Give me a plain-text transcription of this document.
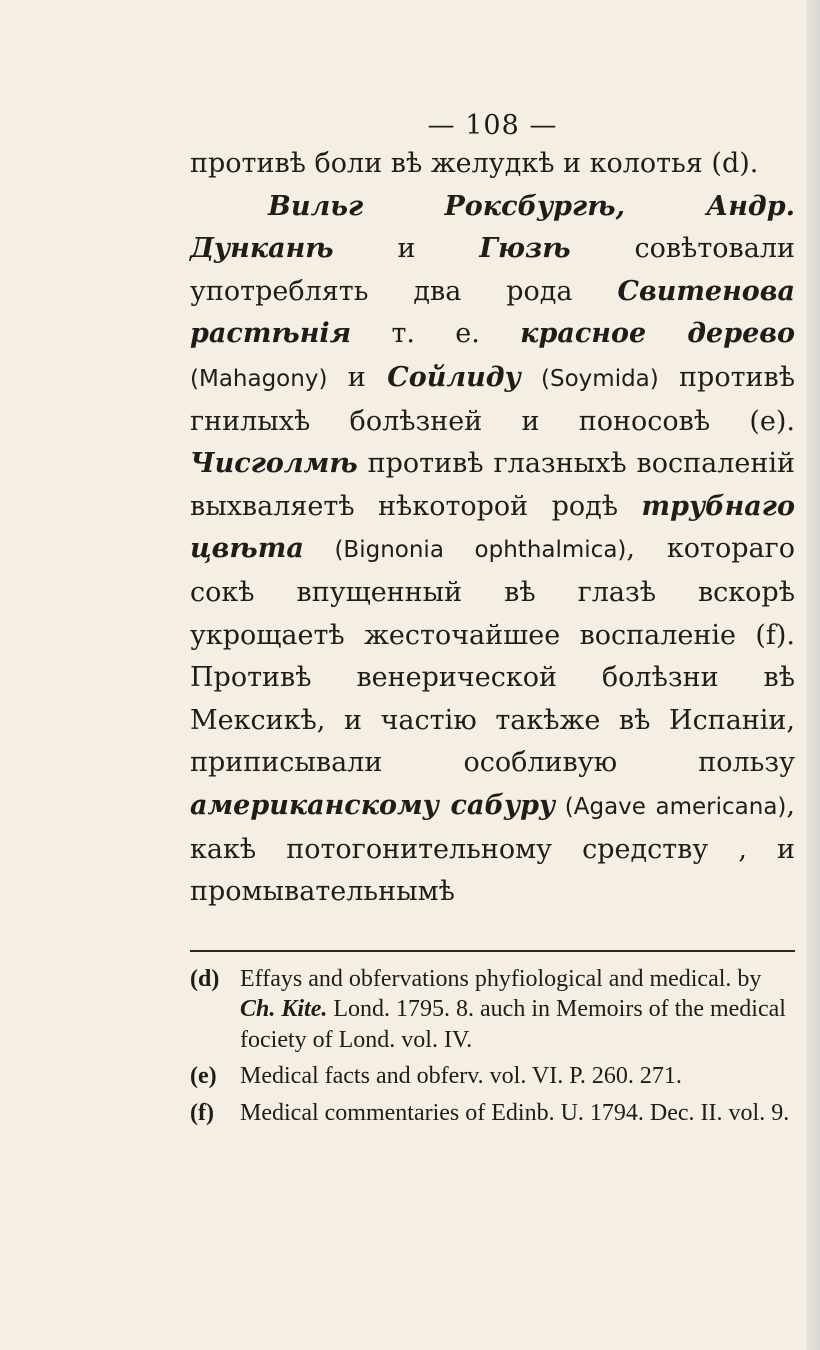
— 108 —

противѣ боли вѣ желудкѣ и колотья (d).

Вильг Роксбургѣ, Андр. Дунканѣ и Гюзѣ совѣтовали употреблять два рода Свитенова растѣнія т. е. красное дерево (Mahagony) и Сойлиду (Soymida) противѣ гнилыхѣ болѣзней и поносовѣ (e). Чисголмѣ противѣ глазныхѣ воспаленій выхваляетѣ нѣкоторой родѣ трубнаго цвѣта (Bignonia ophthalmica), котораго сокѣ впущенный вѣ глазѣ вскорѣ укрощаетѣ жесточайшее воспаленіе (f). Противѣ венерической болѣзни вѣ Мексикѣ, и частію такѣже вѣ Испаніи, приписывали особливую пользу американскому сабуру (Agave americana), какѣ потогонительному средству , и промывательнымѣ

(d) Effays and obfervations phyfiological and medical. by Ch. Kite. Lond. 1795. 8. auch in Memoirs of the medical fociety of Lond. vol. IV.
(e) Medical facts and obferv. vol. VI. P. 260. 271.
(f)	Medical commentaries of Edinb. U. 1794. Dec. II. vol. 9.
